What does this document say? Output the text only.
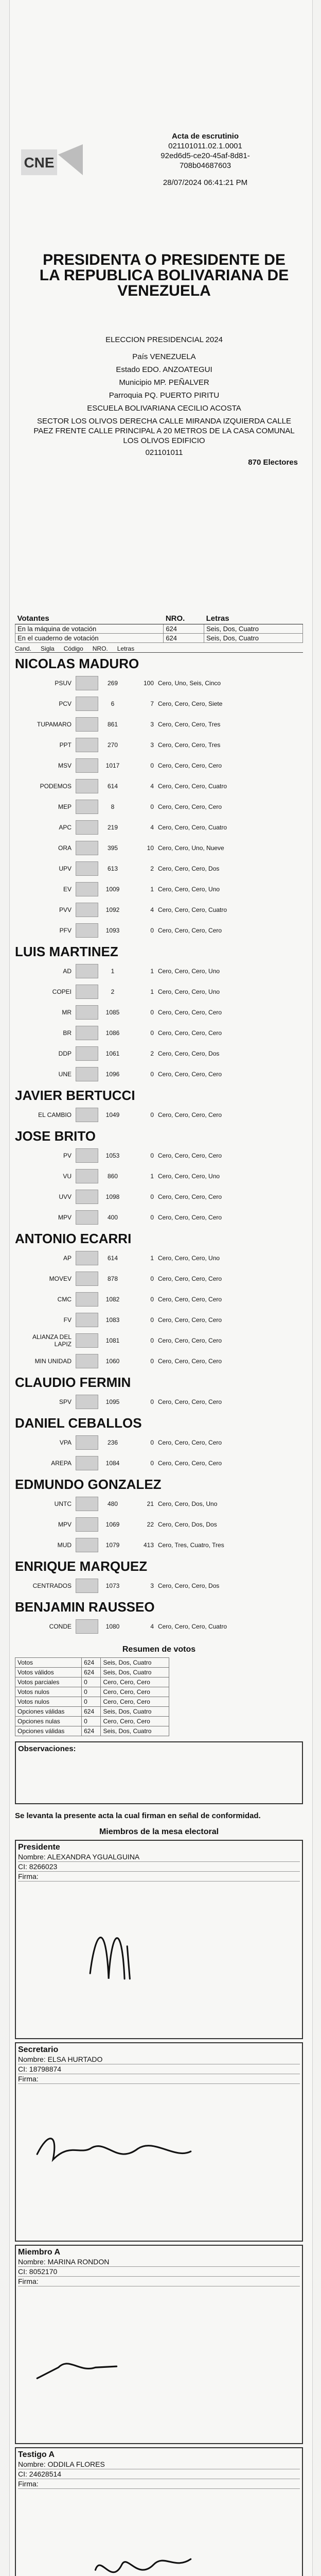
CNE
Acta de escrutinio
021101011.02.1.0001
92ed6d5-ce20-45af-8d81-
708b04687603
28/07/2024 06:41:21 PM
PRESIDENTA O PRESIDENTE DE LA REPUBLICA BOLIVARIANA DE VENEZUELA
ELECCION PRESIDENCIAL 2024
País VENEZUELA
Estado EDO. ANZOATEGUI
Municipio MP. PEÑALVER
Parroquia PQ. PUERTO PIRITU
ESCUELA BOLIVARIANA CECILIO ACOSTA
SECTOR LOS OLIVOS DERECHA CALLE MIRANDA IZQUIERDA CALLE PAEZ FRENTE CALLE PRINCIPAL A 20 METROS DE LA CASA COMUNAL LOS OLIVOS EDIFICIO
021101011
870 Electores
Votantes	NRO.	Letras
En la máquina de votación	624	Seis, Dos, Cuatro
En el cuaderno de votación	624	Seis, Dos, Cuatro
Cand. Sigla Código NRO. Letras
NICOLAS MADURO
PSUV	269	100 Cero, Uno, Seis, Cinco
PCV	6	7 Cero, Cero, Cero, Siete
TUPAMARO	861	3 Cero, Cero, Cero, Tres
PPT	270	3 Cero, Cero, Cero, Tres
MSV	1017	0 Cero, Cero, Cero, Cero
PODEMOS	614	4 Cero, Cero, Cero, Cuatro
MEP	8	0 Cero, Cero, Cero, Cero
APC	219	4 Cero, Cero, Cero, Cuatro
ORA	395	10 Cero, Cero, Uno, Nueve
UPV	613	2 Cero, Cero, Cero, Dos
EV	1009	1 Cero, Cero, Cero, Uno
PVV	1092	4 Cero, Cero, Cero, Cuatro
PFV	1093	0 Cero, Cero, Cero, Cero
LUIS MARTINEZ
AD	1	1 Cero, Cero, Cero, Uno
COPEI	2	1 Cero, Cero, Cero, Uno
MR	1085	0 Cero, Cero, Cero, Cero
BR	1086	0 Cero, Cero, Cero, Cero
DDP	1061	2 Cero, Cero, Cero, Dos
UNE	1096	0 Cero, Cero, Cero, Cero
JAVIER BERTUCCI
EL CAMBIO	1049	0 Cero, Cero, Cero, Cero
JOSE BRITO
PV	1053	0 Cero, Cero, Cero, Cero
VU	860	1 Cero, Cero, Cero, Uno
UVV	1098	0 Cero, Cero, Cero, Cero
MPV	400	0 Cero, Cero, Cero, Cero
ANTONIO ECARRI
AP	614	1 Cero, Cero, Cero, Uno
MOVEV	878	0 Cero, Cero, Cero, Cero
CMC	1082	0 Cero, Cero, Cero, Cero
FV	1083	0 Cero, Cero, Cero, Cero
ALIANZA DEL LAPIZ	1081	0 Cero, Cero, Cero, Cero
MIN UNIDAD	1060	0 Cero, Cero, Cero, Cero
CLAUDIO FERMIN
SPV	1095	0 Cero, Cero, Cero, Cero
DANIEL CEBALLOS
VPA	236	0 Cero, Cero, Cero, Cero
AREPA	1084	0 Cero, Cero, Cero, Cero
EDMUNDO GONZALEZ
UNTC	480	21 Cero, Cero, Dos, Uno
MPV	1069	22 Cero, Cero, Dos, Dos
MUD	1079	413 Cero, Tres, Cuatro, Tres
ENRIQUE MARQUEZ
CENTRADOS	1073	3 Cero, Cero, Cero, Dos
BENJAMIN RAUSSEO
CONDE	1080	4 Cero, Cero, Cero, Cuatro
Resumen de votos
Votos	624	Seis, Dos, Cuatro
Votos válidos	624	Seis, Dos, Cuatro
Votos parciales	0	Cero, Cero, Cero
Votos nulos	0	Cero, Cero, Cero
Votos nulos	0	Cero, Cero, Cero
Opciones válidas	624	Seis, Dos, Cuatro
Opciones nulas	0	Cero, Cero, Cero
Opciones válidas	624	Seis, Dos, Cuatro
Observaciones:
Se levanta la presente acta la cual firman en señal de conformidad.
Miembros de la mesa electoral
Presidente
Nombre: ALEXANDRA YGUALGUINA
CI: 8266023
Firma:
Secretario
Nombre: ELSA HURTADO
CI: 18798874
Firma:
Miembro A
Nombre: MARINA RONDON
CI: 8052170
Firma:
Testigo A
Nombre: ODDILA FLORES
CI: 24628514
Firma:
